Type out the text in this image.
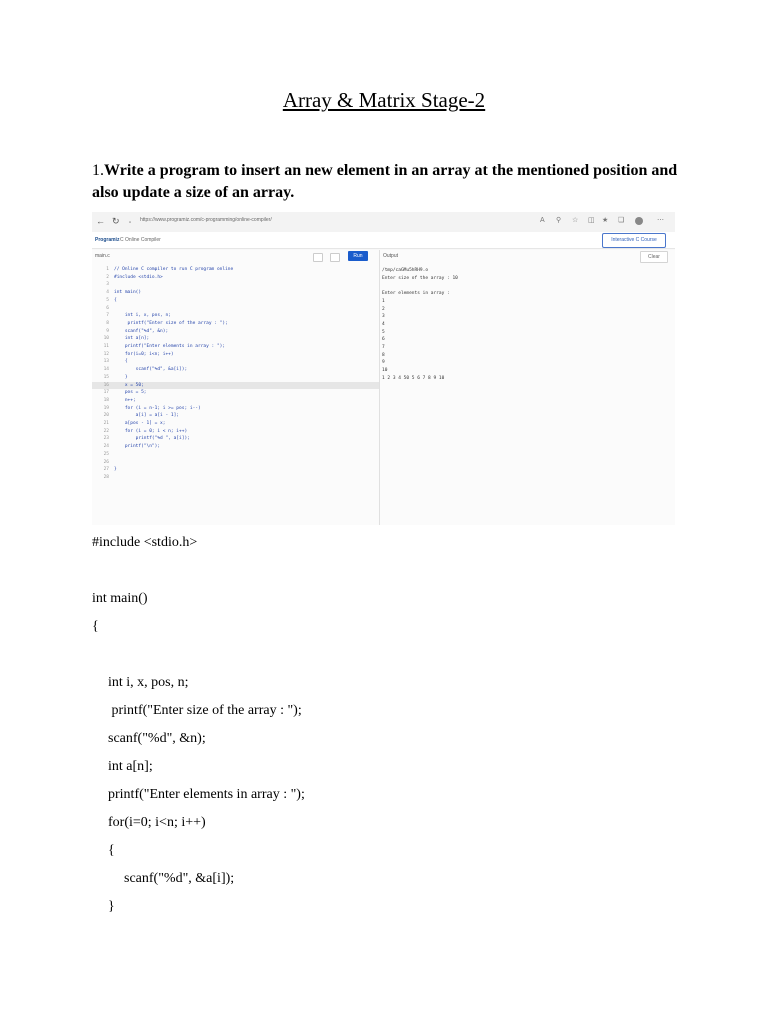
Array & Matrix Stage-2
1.Write a program to insert an new element in an array at the mentioned position and also update a size of an array.
← ↻ ▫ https://www.programiz.com/c-programming/online-compiler/	A ⚲ ☆ ◫ ★ ❏	⋯
Programiz C Online Compiler	Interactive C Course
main.c	Run
1 // Online C compiler to run C program online
2 #include <stdio.h>
3
4 int main()
5 {
6
7    int i, x, pos, n;
8     printf("Enter size of the array : ");
9    scanf("%d", &n);
10    int a[n];
11    printf("Enter elements in array : ");
12    for(i=0; i<n; i++)
13    {
14        scanf("%d", &a[i]);
15    }
16    x = 50;
17    pos = 5;
18    n++;
19    for (i = n-1; i >= pos; i--)
20        a[i] = a[i - 1];
21    a[pos - 1] = x;
22    for (i = 0; i < n; i++)
23        printf("%d ", a[i]);
24    printf("\n");
25
26
27 }
28
Output	Clear
/tmp/caGMu5hRH9.o
Enter size of the array : 10

Enter elements in array :
1
2
3
4
5
6
7
8
9
10
1 2 3 4 50 5 6 7 8 9 10
#include <stdio.h>
int main()
{
int i, x, pos, n;
printf("Enter size of the array : ");
scanf("%d", &n);
int a[n];
printf("Enter elements in array : ");
for(i=0; i<n; i++)
{
scanf("%d", &a[i]);
}
